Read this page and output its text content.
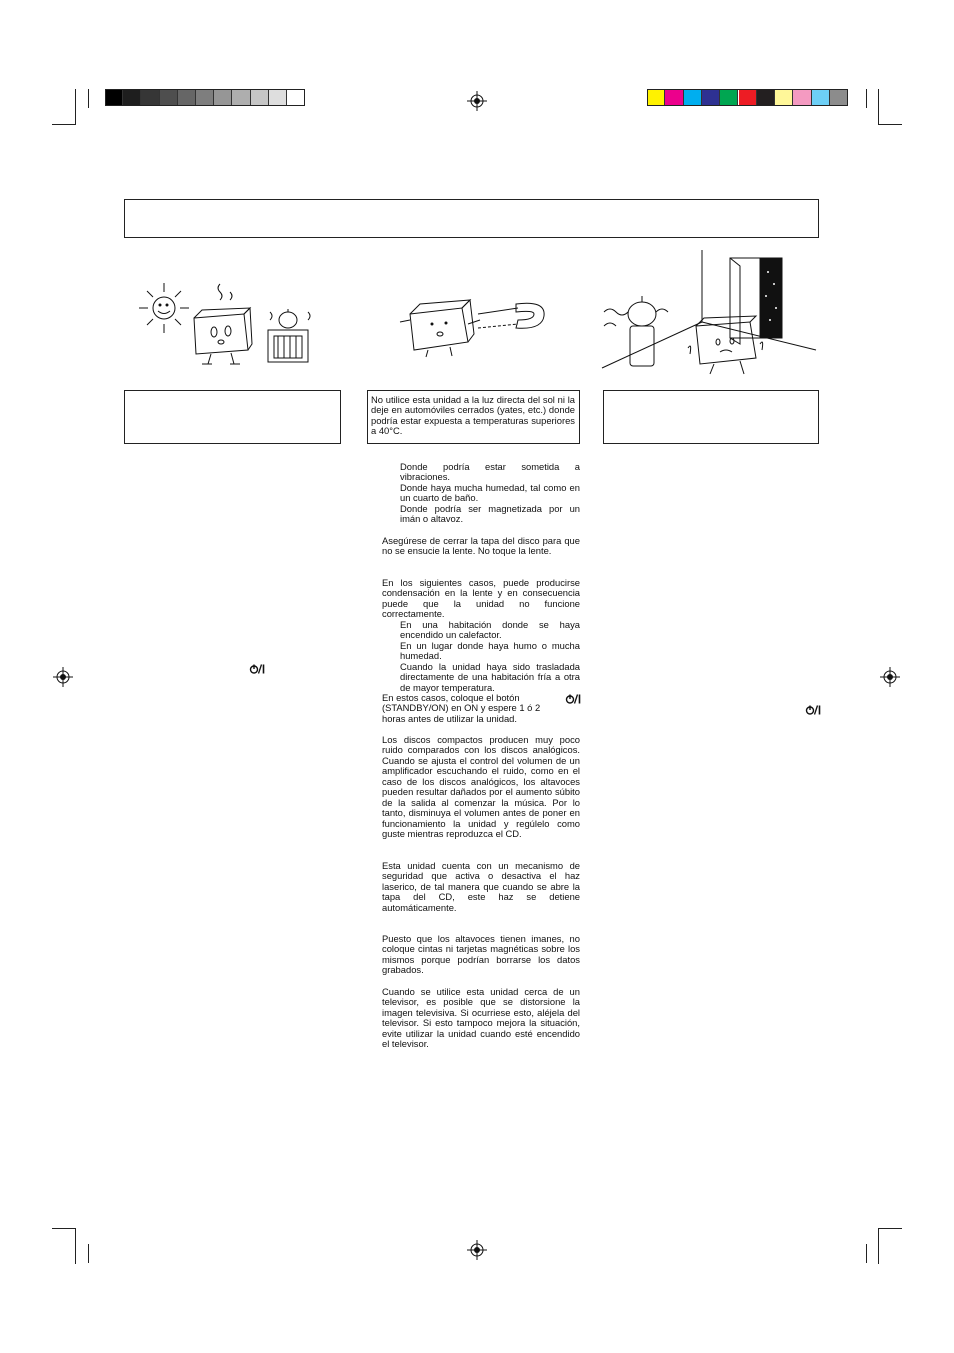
No utilice esta unidad a la luz directa del sol ni la deje en automóviles cerrados (yates, etc.) donde podría estar expuesta a temperaturas superiores a 40°C.
Donde podría estar sometida a vibraciones.
Donde haya mucha humedad, tal como en un cuarto de baño.
Donde podría ser magnetizada por un imán o altavoz.
Asegúrese de cerrar la tapa del disco para que no se ensucie la lente. No toque la lente.
En los siguientes casos, puede producirse condensación en la lente y en consecuencia puede que la unidad no funcione correctamente.
En una habitación donde se haya encendido un calefactor.
En un lugar donde haya humo o mucha humedad.
Cuando la unidad haya sido trasladada directamente de una habitación fría a otra de mayor temperatura.
En estos casos, coloque el botón (STANDBY/ON) en ON y espere 1 ó 2 horas antes de utilizar la unidad.
Los discos compactos producen muy poco ruido comparados con los discos analógicos. Cuando se ajusta el control del volumen de un amplificador escuchando el ruido, como en el caso de los discos analógicos, los altavoces pueden resultar dañados por el aumento súbito de la salida al comenzar la música. Por lo tanto, disminuya el volumen antes de poner en funcionamiento la unidad y regúlelo como guste mientras reproduzca el CD.
Esta unidad cuenta con un mecanismo de seguridad que activa o desactiva el haz laserico, de tal manera que cuando se abre la tapa del CD, este haz se detiene automáticamente.
Puesto que los altavoces tienen imanes, no coloque cintas ni tarjetas magnéticas sobre los mismos porque podrían borrarse los datos grabados.
Cuando se utilice esta unidad cerca de un televisor, es posible que se distorsione la imagen televisiva. Si ocurriese esto, aléjela del televisor. Si esto tampoco mejora la situación, evite utilizar la unidad cuando esté encendido el televisor.
